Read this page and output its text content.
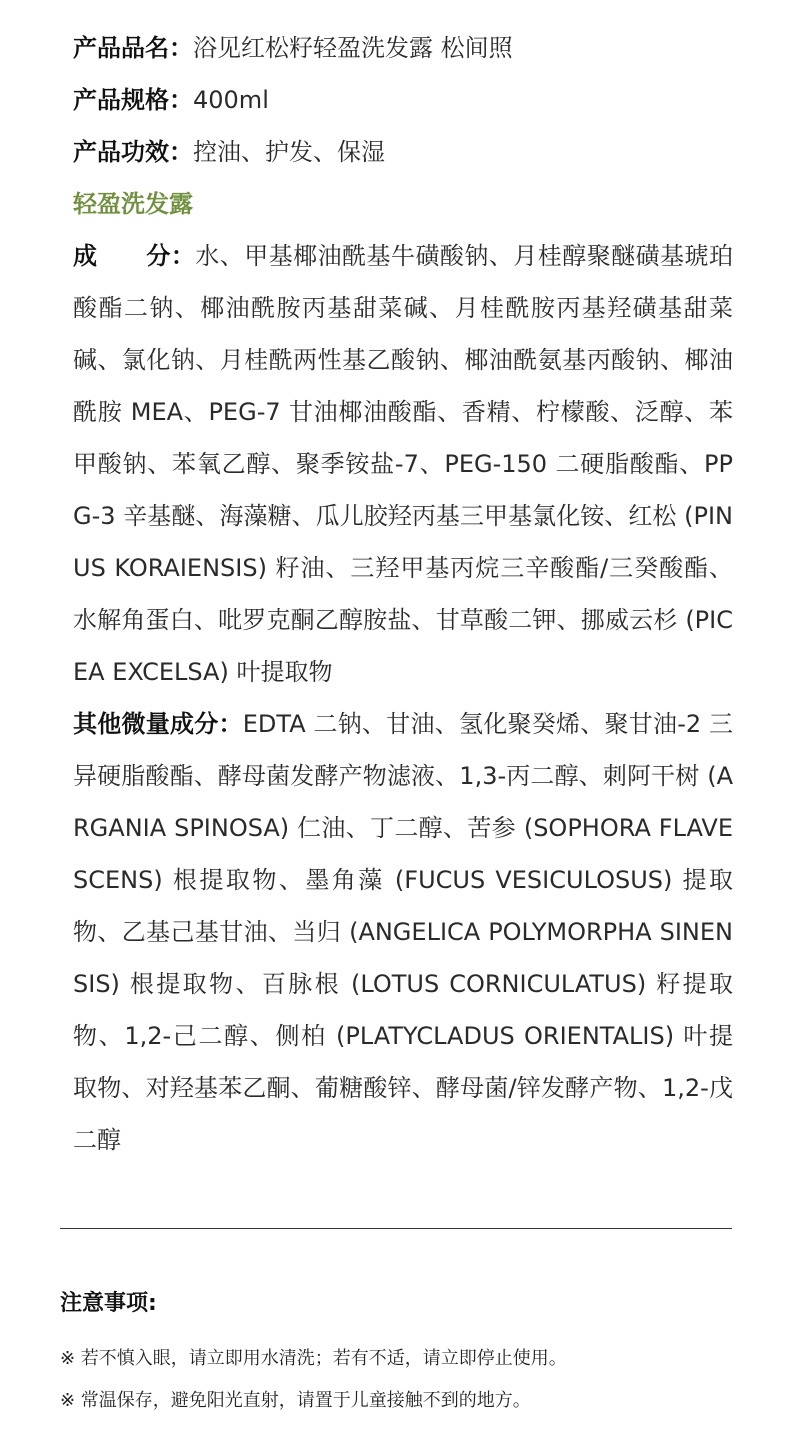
产品品名：浴见红松籽轻盈洗发露 松间照
产品规格：400ml
产品功效：控油、护发、保湿
轻盈洗发露
成　　分：水、甲基椰油酰基牛磺酸钠、月桂醇聚醚磺基琥珀酸酯二钠、椰油酰胺丙基甜菜碱、月桂酰胺丙基羟磺基甜菜碱、氯化钠、月桂酰两性基乙酸钠、椰油酰氨基丙酸钠、椰油酰胺 MEA、PEG-7 甘油椰油酸酯、香精、柠檬酸、泛醇、苯甲酸钠、苯氧乙醇、聚季铵盐-7、PEG-150 二硬脂酸酯、PPG-3 辛基醚、海藻糖、瓜儿胶羟丙基三甲基氯化铵、红松 (PINUS KORAIENSIS) 籽油、三羟甲基丙烷三辛酸酯/三癸酸酯、水解角蛋白、吡罗克酮乙醇胺盐、甘草酸二钾、挪威云杉 (PICEA EXCELSA) 叶提取物
其他微量成分：EDTA 二钠、甘油、氢化聚癸烯、聚甘油-2 三异硬脂酸酯、酵母菌发酵产物滤液、1,3-丙二醇、刺阿干树 (ARGANIA SPINOSA) 仁油、丁二醇、苦参 (SOPHORA FLAVESCENS) 根提取物、墨角藻 (FUCUS VESICULOSUS) 提取物、乙基己基甘油、当归 (ANGELICA POLYMORPHA SINENSIS) 根提取物、百脉根 (LOTUS CORNICULATUS) 籽提取物、1,2-己二醇、侧柏 (PLATYCLADUS ORIENTALIS) 叶提取物、对羟基苯乙酮、葡糖酸锌、酵母菌/锌发酵产物、1,2-戊二醇
注意事项:
※ 若不慎入眼，请立即用水清洗；若有不适，请立即停止使用。
※ 常温保存，避免阳光直射，请置于儿童接触不到的地方。
